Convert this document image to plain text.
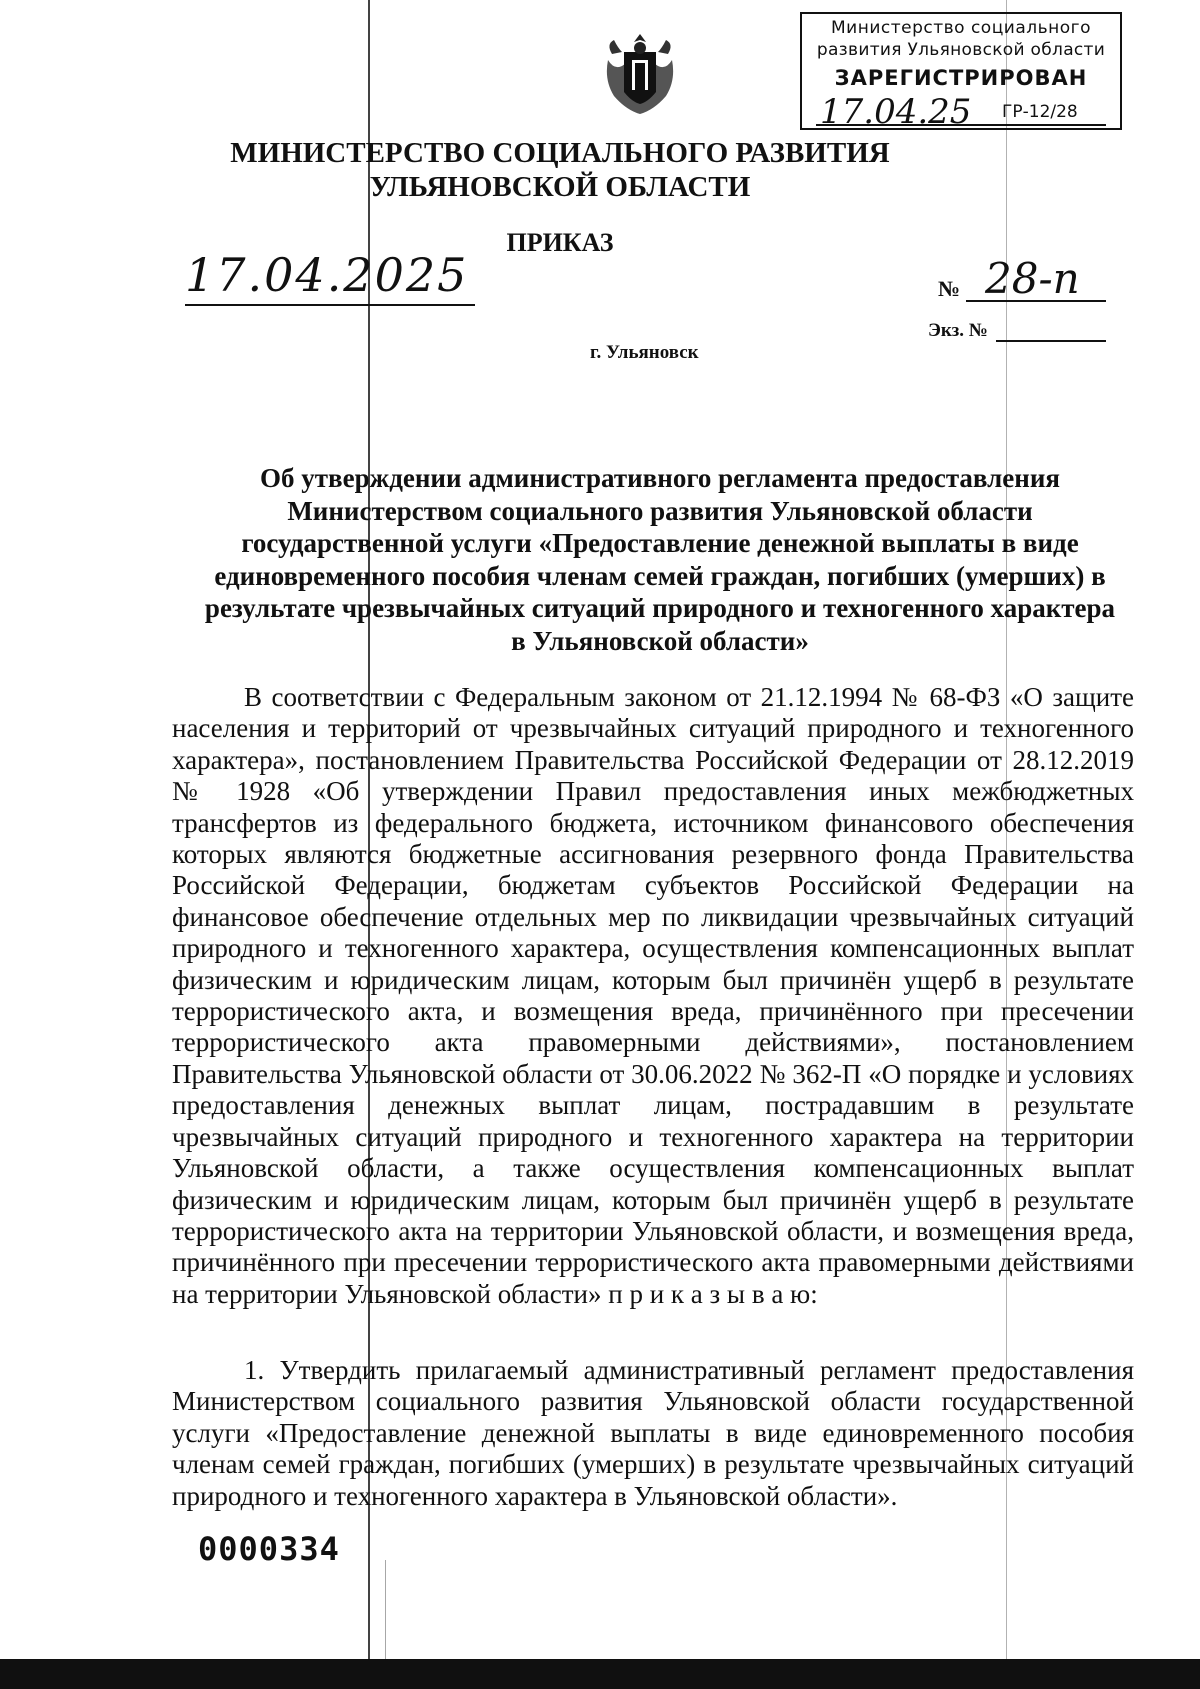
Министерство социального
развития Ульяновской области
ЗАРЕГИСТРИРОВАН
17.04.25 ГР-12/28
МИНИСТЕРСТВО СОЦИАЛЬНОГО РАЗВИТИЯ
УЛЬЯНОВСКОЙ ОБЛАСТИ
ПРИКАЗ
17.04.2025	№ 28-п
Экз. №
г. Ульяновск
Об утверждении административного регламента предоставления Министерством социального развития Ульяновской области государственной услуги «Предоставление денежной выплаты в виде единовременного пособия членам семей граждан, погибших (умерших) в результате чрезвычайных ситуаций природного и техногенного характера в Ульяновской области»
В соответствии с Федеральным законом от 21.12.1994 № 68-ФЗ «О защите населения и территорий от чрезвычайных ситуаций природного и техногенного характера», постановлением Правительства Российской Федерации от 28.12.2019 № 1928 «Об утверждении Правил предоставления иных межбюджетных трансфертов из федерального бюджета, источником финансового обеспечения которых являются бюджетные ассигнования резервного фонда Правительства Российской Федерации, бюджетам субъектов Российской Федерации на финансовое обеспечение отдельных мер по ликвидации чрезвычайных ситуаций природного и техногенного характера, осуществления компенсационных выплат физическим и юридическим лицам, которым был причинён ущерб в результате террористического акта, и возмещения вреда, причинённого при пресечении террористического акта правомерными действиями», постановлением Правительства Ульяновской области от 30.06.2022 № 362-П «О порядке и условиях предоставления денежных выплат лицам, пострадавшим в результате чрезвычайных ситуаций природного и техногенного характера на территории Ульяновской области, а также осуществления компенсационных выплат физическим и юридическим лицам, которым был причинён ущерб в результате террористического акта на территории Ульяновской области, и возмещения вреда, причинённого при пресечении террористического акта правомерными действиями на территории Ульяновской области» п р и к а з ы в а ю:
1. Утвердить прилагаемый административный регламент предоставления Министерством социального развития Ульяновской области государственной услуги «Предоставление денежной выплаты в виде единовременного пособия членам семей граждан, погибших (умерших) в результате чрезвычайных ситуаций природного и техногенного характера в Ульяновской области».
0000334
